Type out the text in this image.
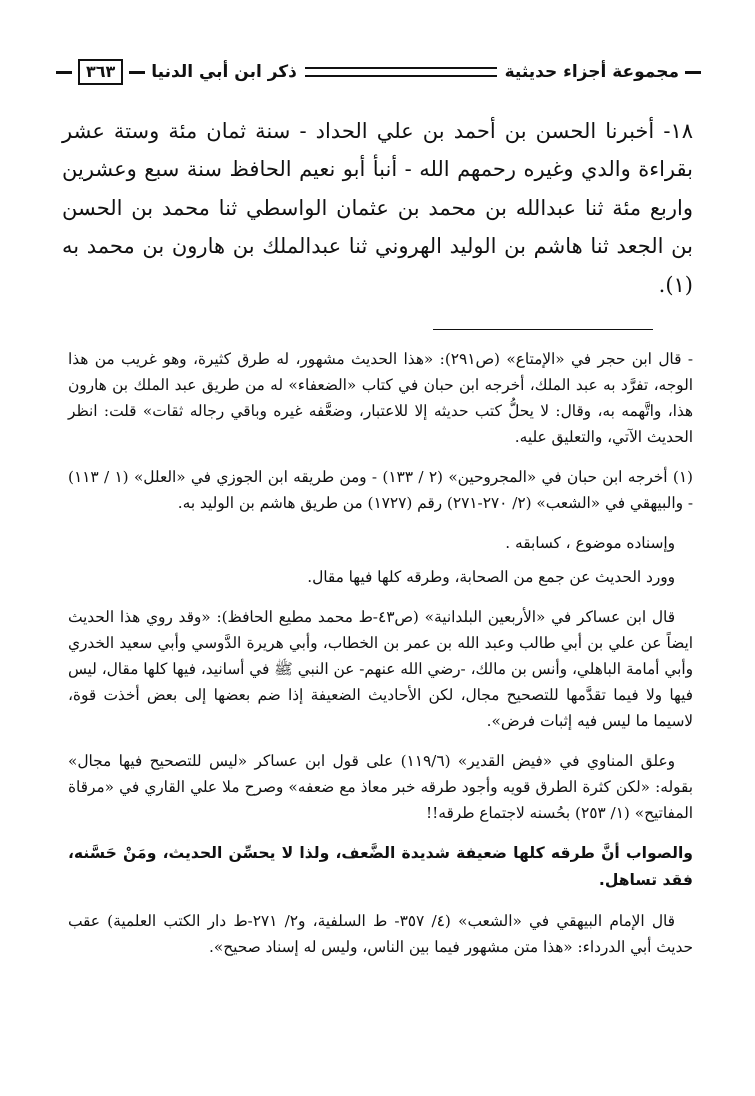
مجموعة أجزاء حديثية
ذكر ابن أبي الدنيا
٣٦٣

١٨- أخبرنا الحسن بن أحمد بن علي الحداد - سنة ثمان مئة وستة عشر بقراءة والدي وغيره رحمهم الله - أنبأ أبو نعيم الحافظ سنة سبع وعشرين واربع مئة ثنا عبدالله بن محمد بن عثمان الواسطي ثنا محمد بن الحسن بن الجعد ثنا هاشم بن الوليد الهروني ثنا عبدالملك بن هارون بن محمد به (١).

- قال ابن حجر في «الإمتاع» (ص٢٩١): «هذا الحديث مشهور، له طرق كثيرة، وهو غريب من هذا الوجه، تفرَّد به عبد الملك، أخرجه ابن حبان في كتاب «الضعفاء» له من طريق عبد الملك بن هارون هذا، واتَّهمه به، وقال: لا يحلُّ كتب حديثه إلا للاعتبار، وضعَّفه غيره وباقي رجاله ثقات» قلت: انظر الحديث الآتي، والتعليق عليه.

(١) أخرجه ابن حبان في «المجروحين» (٢ / ١٣٣) - ومن طريقه ابن الجوزي في «العلل» (١ / ١١٣) - والبيهقي في «الشعب» (٢/ ٢٧٠-٢٧١) رقم (١٧٢٧) من طريق هاشم بن الوليد به.

وإسناده موضوع ، كسابقه .

وورد الحديث عن جمع من الصحابة، وطرقه كلها فيها مقال.

قال ابن عساكر في «الأربعين البلدانية» (ص٤٣-ط محمد مطيع الحافظ): «وقد روي هذا الحديث ايضاً عن علي بن أبي طالب وعبد الله بن عمر بن الخطاب، وأبي هريرة الدَّوسي وأبي سعيد الخدري وأبي أمامة الباهلي، وأنس بن مالك، -رضي الله عنهم- عن النبي ﷺ في أسانيد، فيها كلها مقال، ليس فيها ولا فيما تقدَّمها للتصحيح مجال، لكن الأحاديث الضعيفة إذا ضم بعضها إلى بعض أخذت قوة، لاسيما ما ليس فيه إثبات فرض».

وعلق المناوي في «فيض القدير» (١١٩/٦) على قول ابن عساكر «ليس للتصحيح فيها مجال» بقوله: «لكن كثرة الطرق قويه وأجود طرقه خبر معاذ مع ضعفه» وصرح ملا علي القاري في «مرقاة المفاتيح» (١/ ٢٥٣) بحُسنه لاجتماع طرقه!!

والصواب أنَّ طرقه كلها ضعيفة شديدة الضَّعف، ولذا لا يحسِّن الحديث، ومَنْ حَسَّنه، فقد تساهل.

قال الإمام البيهقي في «الشعب» (٤/ ٣٥٧- ط السلفية، و٢/ ٢٧١-ط دار الكتب العلمية) عقب حديث أبي الدرداء: «هذا متن مشهور فيما بين الناس، وليس له إسناد صحيح».
